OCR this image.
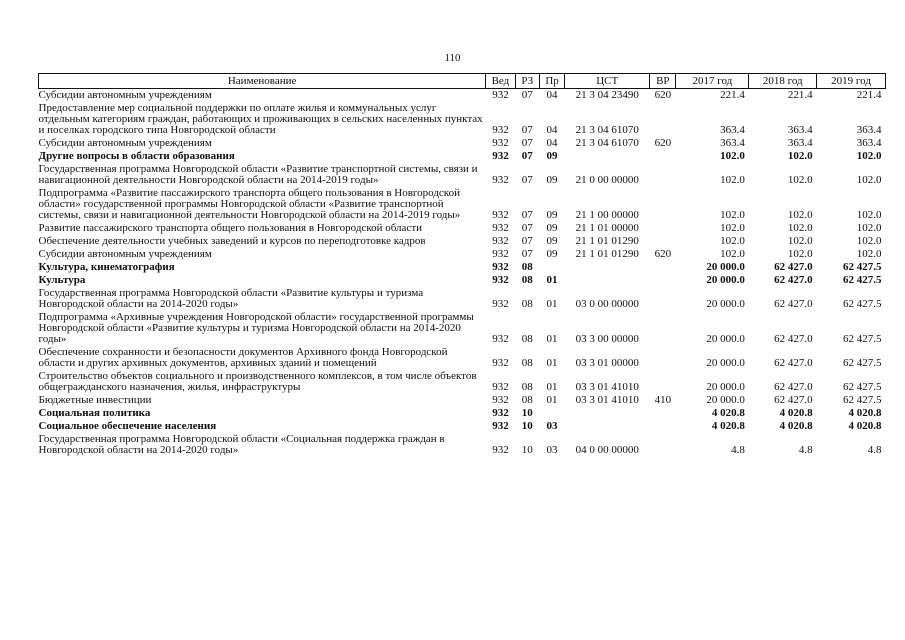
110
Наименование	Вед	РЗ	Пр	ЦСТ	ВР	2017 год	2018 год	2019 год
Субсидии автономным учреждениям	932	07	04	21 3 04 23490	620	221.4	221.4	221.4
Предоставление мер социальной поддержки по оплате жилья и коммунальных услуг отдельным категориям граждан, работающих и проживающих в сельских населенных пунктах и поселках городского типа Новгородской области	932	07	04	21 3 04 61070		363.4	363.4	363.4
Субсидии автономным учреждениям	932	07	04	21 3 04 61070	620	363.4	363.4	363.4
Другие вопросы в области образования	932	07	09			102.0	102.0	102.0
Государственная программа Новгородской области «Развитие транспортной системы, связи и навигационной деятельности Новгородской области на 2014-2019 годы»	932	07	09	21 0 00 00000		102.0	102.0	102.0
Подпрограмма «Развитие пассажирского транспорта общего пользования в Новгородской области» государственной программы Новгородской области «Развитие транспортной системы, связи и навигационной деятельности Новгородской области на 2014-2019 годы»	932	07	09	21 1 00 00000		102.0	102.0	102.0
Развитие пассажирского транспорта общего пользования в Новгородской области	932	07	09	21 1 01 00000		102.0	102.0	102.0
Обеспечение деятельности учебных заведений и курсов по переподготовке кадров	932	07	09	21 1 01 01290		102.0	102.0	102.0
Субсидии автономным учреждениям	932	07	09	21 1 01 01290	620	102.0	102.0	102.0
Культура, кинематография	932	08				20 000.0	62 427.0	62 427.5
Культура	932	08	01			20 000.0	62 427.0	62 427.5
Государственная программа Новгородской области «Развитие культуры и туризма Новгородской области на 2014-2020 годы»	932	08	01	03 0 00 00000		20 000.0	62 427.0	62 427.5
Подпрограмма «Архивные учреждения Новгородской области» государственной программы Новгородской области «Развитие культуры и туризма Новгородской области на 2014-2020 годы»	932	08	01	03 3 00 00000		20 000.0	62 427.0	62 427.5
Обеспечение сохранности и безопасности документов Архивного фонда Новгородской области и других архивных документов, архивных зданий и помещений	932	08	01	03 3 01 00000		20 000.0	62 427.0	62 427.5
Строительство объектов социального и производственного комплексов, в том числе объектов общегражданского назначения, жилья, инфраструктуры	932	08	01	03 3 01 41010		20 000.0	62 427.0	62 427.5
Бюджетные инвестиции	932	08	01	03 3 01 41010	410	20 000.0	62 427.0	62 427.5
Социальная политика	932	10				4 020.8	4 020.8	4 020.8
Социальное обеспечение населения	932	10	03			4 020.8	4 020.8	4 020.8
Государственная программа Новгородской области «Социальная поддержка граждан в Новгородской области на 2014-2020 годы»	932	10	03	04 0 00 00000		4.8	4.8	4.8
